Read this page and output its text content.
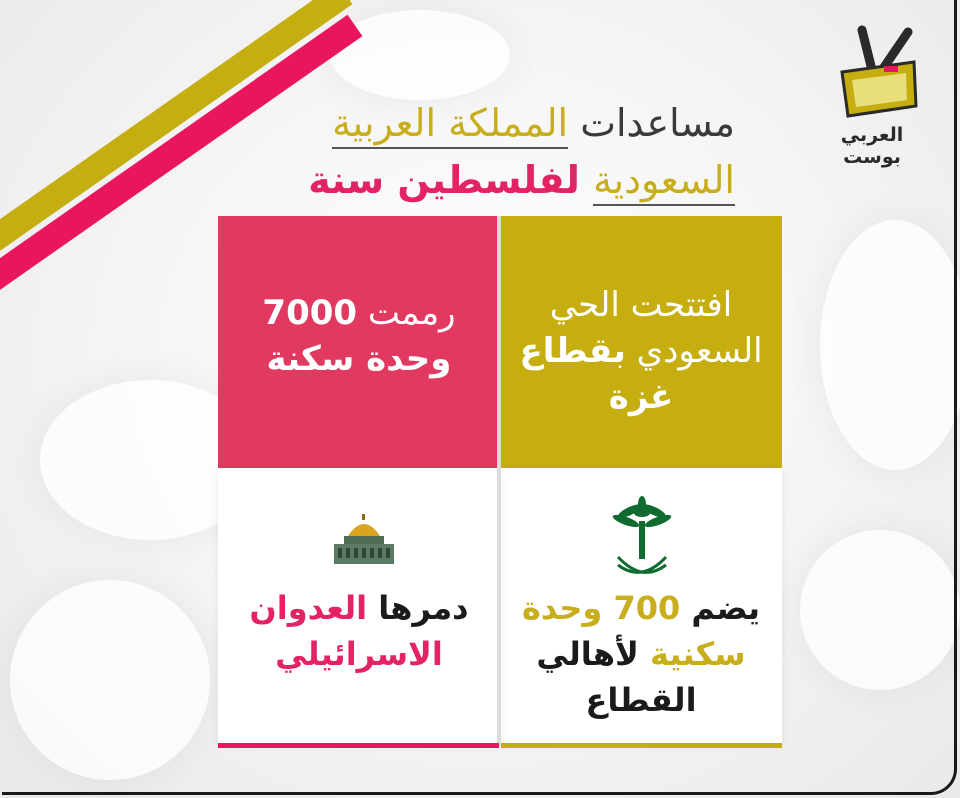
العربي بوست
مساعدات المملكة العربية
السعودية لفلسطين سنة
افتتحت الحي
السعودي بقطاع
غزة
رممت 7000
وحدة سكنة
يضم 700 وحدة
سكنية لأهالي
القطاع
دمرها العدوان
الاسرائيلي
